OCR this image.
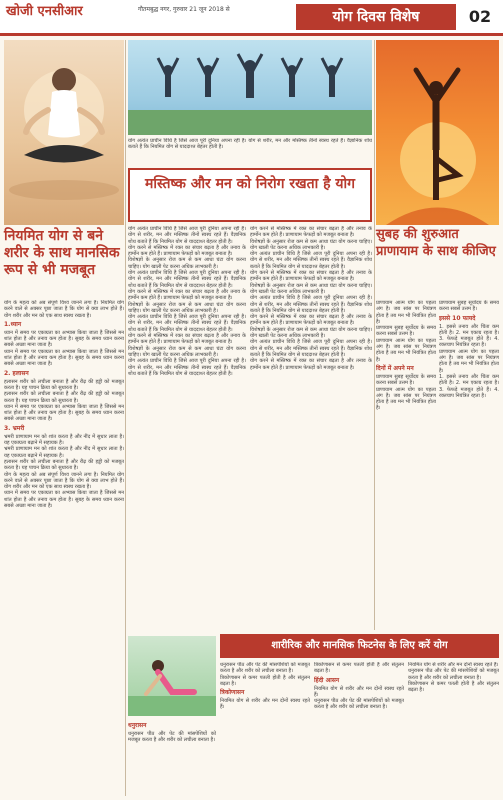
खोजी एनसीआर	गौतमबुद्ध नगर, गुरुवार 21 जून 2018 से	योग दिवस विशेष	02
नियमित योग से बने शरीर के साथ मानसिक रूप से भी मजबूत

योग के महत्व को अब संपूर्ण विश्व जानने लगा है। नियमित योग करने वाले से अक्सर पूछा जाता है कि योग से क्या लाभ होते हैं। योग शरीर और मन को एक साथ स्वस्थ रखता है।

1.ध्यान

ध्यान में समय पर एकाग्रता का अभ्यास किया जाता है जिससे मन शांत होता है और तनाव कम होता है। सुबह के समय ध्यान करना सबसे अच्छा माना जाता है।

ध्यान में समय पर एकाग्रता का अभ्यास किया जाता है जिससे मन शांत होता है और तनाव कम होता है। सुबह के समय ध्यान करना सबसे अच्छा माना जाता है।

2. हलासन

हलासन शरीर को लचीला बनाता है और रीढ़ की हड्डी को मजबूत करता है। यह पाचन क्रिया को सुधारता है।

हलासन शरीर को लचीला बनाता है और रीढ़ की हड्डी को मजबूत करता है। यह पाचन क्रिया को सुधारता है।

ध्यान में समय पर एकाग्रता का अभ्यास किया जाता है जिससे मन शांत होता है और तनाव कम होता है। सुबह के समय ध्यान करना सबसे अच्छा माना जाता है।

3. भ्रमरी

भ्रमरी प्राणायाम मन को शांत करता है और नींद में सुधार लाता है। यह एकाग्रता बढ़ाने में सहायक है।

भ्रमरी प्राणायाम मन को शांत करता है और नींद में सुधार लाता है। यह एकाग्रता बढ़ाने में सहायक है।

हलासन शरीर को लचीला बनाता है और रीढ़ की हड्डी को मजबूत करता है। यह पाचन क्रिया को सुधारता है।

योग के महत्व को अब संपूर्ण विश्व जानने लगा है। नियमित योग करने वाले से अक्सर पूछा जाता है कि योग से क्या लाभ होते हैं। योग शरीर और मन को एक साथ स्वस्थ रखता है।

ध्यान में समय पर एकाग्रता का अभ्यास किया जाता है जिससे मन शांत होता है और तनाव कम होता है। सुबह के समय ध्यान करना सबसे अच्छा माना जाता है।

योग अत्यंत प्राचीन विधि है जिसे आज पूरी दुनिया अपना रही है। योग से शरीर, मन और मस्तिष्क तीनों स्वस्थ रहते हैं। वैज्ञानिक शोध बताते हैं कि नियमित योग से याददाश्त बेहतर होती है।

मस्तिष्क और मन को निरोग रखता है योग

योग अत्यंत प्राचीन विधि है जिसे आज पूरी दुनिया अपना रही है। योग से शरीर, मन और मस्तिष्क तीनों स्वस्थ रहते हैं। वैज्ञानिक शोध बताते हैं कि नियमित योग से याददाश्त बेहतर होती है।

योग करने से मस्तिष्क में रक्त का संचार बढ़ता है और तनाव के हार्मोन कम होते हैं। प्राणायाम फेफड़ों को मजबूत बनाता है।

विशेषज्ञों के अनुसार रोज कम से कम आधा घंटा योग करना चाहिए। योग खाली पेट करना अधिक लाभकारी है।

योग अत्यंत प्राचीन विधि है जिसे आज पूरी दुनिया अपना रही है। योग से शरीर, मन और मस्तिष्क तीनों स्वस्थ रहते हैं। वैज्ञानिक शोध बताते हैं कि नियमित योग से याददाश्त बेहतर होती है।

योग करने से मस्तिष्क में रक्त का संचार बढ़ता है और तनाव के हार्मोन कम होते हैं। प्राणायाम फेफड़ों को मजबूत बनाता है।

विशेषज्ञों के अनुसार रोज कम से कम आधा घंटा योग करना चाहिए। योग खाली पेट करना अधिक लाभकारी है।

योग अत्यंत प्राचीन विधि है जिसे आज पूरी दुनिया अपना रही है। योग से शरीर, मन और मस्तिष्क तीनों स्वस्थ रहते हैं। वैज्ञानिक शोध बताते हैं कि नियमित योग से याददाश्त बेहतर होती है।

योग करने से मस्तिष्क में रक्त का संचार बढ़ता है और तनाव के हार्मोन कम होते हैं। प्राणायाम फेफड़ों को मजबूत बनाता है।

विशेषज्ञों के अनुसार रोज कम से कम आधा घंटा योग करना चाहिए। योग खाली पेट करना अधिक लाभकारी है।

योग अत्यंत प्राचीन विधि है जिसे आज पूरी दुनिया अपना रही है। योग से शरीर, मन और मस्तिष्क तीनों स्वस्थ रहते हैं। वैज्ञानिक शोध बताते हैं कि नियमित योग से याददाश्त बेहतर होती है।

योग करने से मस्तिष्क में रक्त का संचार बढ़ता है और तनाव के हार्मोन कम होते हैं। प्राणायाम फेफड़ों को मजबूत बनाता है।

विशेषज्ञों के अनुसार रोज कम से कम आधा घंटा योग करना चाहिए। योग खाली पेट करना अधिक लाभकारी है।

योग अत्यंत प्राचीन विधि है जिसे आज पूरी दुनिया अपना रही है। योग से शरीर, मन और मस्तिष्क तीनों स्वस्थ रहते हैं। वैज्ञानिक शोध बताते हैं कि नियमित योग से याददाश्त बेहतर होती है।

योग करने से मस्तिष्क में रक्त का संचार बढ़ता है और तनाव के हार्मोन कम होते हैं। प्राणायाम फेफड़ों को मजबूत बनाता है।

विशेषज्ञों के अनुसार रोज कम से कम आधा घंटा योग करना चाहिए। योग खाली पेट करना अधिक लाभकारी है।

योग अत्यंत प्राचीन विधि है जिसे आज पूरी दुनिया अपना रही है। योग से शरीर, मन और मस्तिष्क तीनों स्वस्थ रहते हैं। वैज्ञानिक शोध बताते हैं कि नियमित योग से याददाश्त बेहतर होती है।

योग करने से मस्तिष्क में रक्त का संचार बढ़ता है और तनाव के हार्मोन कम होते हैं। प्राणायाम फेफड़ों को मजबूत बनाता है।

विशेषज्ञों के अनुसार रोज कम से कम आधा घंटा योग करना चाहिए। योग खाली पेट करना अधिक लाभकारी है।

योग अत्यंत प्राचीन विधि है जिसे आज पूरी दुनिया अपना रही है। योग से शरीर, मन और मस्तिष्क तीनों स्वस्थ रहते हैं। वैज्ञानिक शोध बताते हैं कि नियमित योग से याददाश्त बेहतर होती है।

योग करने से मस्तिष्क में रक्त का संचार बढ़ता है और तनाव के हार्मोन कम होते हैं। प्राणायाम फेफड़ों को मजबूत बनाता है।

सुबह की शुरुआत प्राणायाम के साथ कीजिए

प्राणायाम आत्म योग का पहला अंग है। जब सांस पर नियंत्रण होता है तब मन भी नियंत्रित होता है।

प्राणायाम सुबह सूर्योदय के समय करना सबसे उत्तम है।

प्राणायाम आत्म योग का पहला अंग है। जब सांस पर नियंत्रण होता है तब मन भी नियंत्रित होता है।

दिनों में अपने मन

प्राणायाम सुबह सूर्योदय के समय करना सबसे उत्तम है।

प्राणायाम आत्म योग का पहला अंग है। जब सांस पर नियंत्रण होता है तब मन भी नियंत्रित होता है।

प्राणायाम सुबह सूर्योदय के समय करना सबसे उत्तम है।

इससे 10 फायदे

1. इससे तनाव और चिंता कम होती है। 2. मन एकाग्र रहता है। 3. फेफड़े मजबूत होते हैं। 4. रक्तचाप नियंत्रित रहता है।

प्राणायाम आत्म योग का पहला अंग है। जब सांस पर नियंत्रण होता है तब मन भी नियंत्रित होता है।

1. इससे तनाव और चिंता कम होती है। 2. मन एकाग्र रहता है। 3. फेफड़े मजबूत होते हैं। 4. रक्तचाप नियंत्रित रहता है।

धनुरासन

धनुरासन पीठ और पेट की मांसपेशियों को मजबूत करता है और शरीर को लचीला बनाता है।

शारीरिक और मानसिक फिटनेस के लिए करें योग

धनुरासन पीठ और पेट की मांसपेशियों को मजबूत करता है और शरीर को लचीला बनाता है।

त्रिकोणासन से कमर पतली होती है और संतुलन बढ़ता है।

त्रिकोणासन

नियमित योग से शरीर और मन दोनों स्वस्थ रहते हैं।

त्रिकोणासन से कमर पतली होती है और संतुलन बढ़ता है।

हिंदी आसन

नियमित योग से शरीर और मन दोनों स्वस्थ रहते हैं।

धनुरासन पीठ और पेट की मांसपेशियों को मजबूत करता है और शरीर को लचीला बनाता है।

नियमित योग से शरीर और मन दोनों स्वस्थ रहते हैं।

धनुरासन पीठ और पेट की मांसपेशियों को मजबूत करता है और शरीर को लचीला बनाता है।

त्रिकोणासन से कमर पतली होती है और संतुलन बढ़ता है।
